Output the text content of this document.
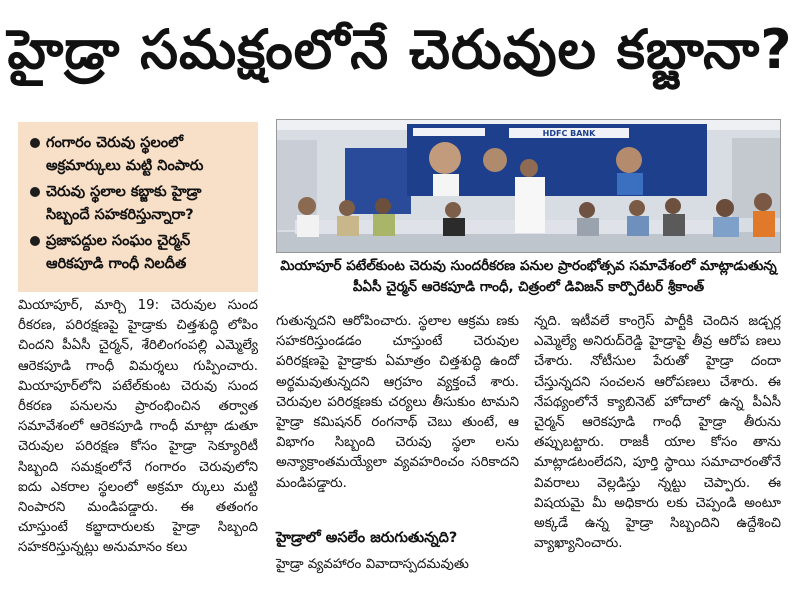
హైడ్రా సమక్షంలోనే చెరువుల కబ్జానా?
గంగారం చెరువు స్థలంలో అక్రమార్కులు మట్టి నింపారు
చెరువు స్థలాల కబ్జాకు హైడ్రా సిబ్బందే సహకరిస్తున్నారా?
ప్రజాపద్దుల సంఘం చైర్మన్ ఆరికపూడి గాంధీ నిలదీత
HDFC BANK
మియాపూర్ పటేల్‌కుంట చెరువు సుందరీకరణ పనుల ప్రారంభోత్సవ సమావేశంలో మాట్లాడుతున్న పీఏసీ చైర్మన్ ఆరెకపూడి గాంధీ, చిత్రంలో డివిజన్ కార్పొరేటర్ శ్రీకాంత్
మియాపూర్, మార్చి 19: చెరువుల సుంద రీకరణ, పరిరక్షణపై హైడ్రాకు చిత్తశుద్ధి లోపిం చిందని పీఏసీ చైర్మన్, శేరిలింగంపల్లి ఎమ్మెల్యే ఆరెకపూడి గాంధీ విమర్శలు గుప్పించారు. మియాపూర్‌లోని పటేల్‌కుంట చెరువు సుంద రీకరణ పనులను ప్రారంభించిన తర్వాత సమావేశంలో ఆరెకపూడి గాంధీ మాట్లా డుతూ చెరువుల పరిరక్షణ కోసం హైడ్రా సెక్యూరిటీ సిబ్బంది సమక్షంలోనే గంగారం చెరువులోని ఐదు ఎకరాల స్థలంలో అక్రమా ర్కులు మట్టి నింపారని మండిపడ్డారు. ఈ తతంగం చూస్తుంటే కబ్జాదారులకు హైడ్రా సిబ్బంది సహకరిస్తున్నట్లు అనుమానం కలు
గుతున్నదని ఆరోపించారు. స్థలాల ఆక్రమ ణకు సహకరిస్తుండడం చూస్తుంటే చెరువుల పరిరక్షణపై హైడ్రాకు ఏమాత్రం చిత్తశుద్ధి ఉందో అర్థమవుతున్నదని ఆగ్రహం వ్యక్తంచే శారు. చెరువుల పరిరక్షణకు చర్యలు తీసుకుం టామని హైడ్రా కమిషనర్ రంగనాథ్ చెబు తుంటే, ఆ విభాగం సిబ్బంది చెరువు స్థలా లను అన్యాక్రాంతమయ్యేలా వ్యవహరించం సరికాదని మండిపడ్డారు.
హైడ్రాలో అసలేం జరుగుతున్నది?
హైడ్రా వ్యవహారం వివాదాస్పదమవుతు
న్నది. ఇటీవలే కాంగ్రెస్ పార్టీకి చెందిన జడ్చర్ల ఎమ్మెల్యే అనిరుద్‌రెడ్డి హైడ్రాపై తీవ్ర ఆరోప ణలు చేశారు. నోటీసుల పేరుతో హైడ్రా దందా చేస్తున్నదని సంచలన ఆరోపణలు చేశారు. ఈ నేపథ్యంలోనే క్యాబినెట్ హోదాలో ఉన్న పీఏసీ చైర్మన్ ఆరెకపూడి గాంధీ హైడ్రా తీరును తప్పుబట్టారు. రాజకీ యాల కోసం తాను మాట్లాడటంలేదని, పూర్తి స్థాయి సమాచారంతోనే వివరాలు వెల్లడిస్తు న్నట్టు చెప్పారు. ఈ విషయమై మీ అధికారు లకు చెప్పండి అంటూ అక్కడే ఉన్న హైడ్రా సిబ్బందిని ఉద్దేశించి వ్యాఖ్యానించారు.
